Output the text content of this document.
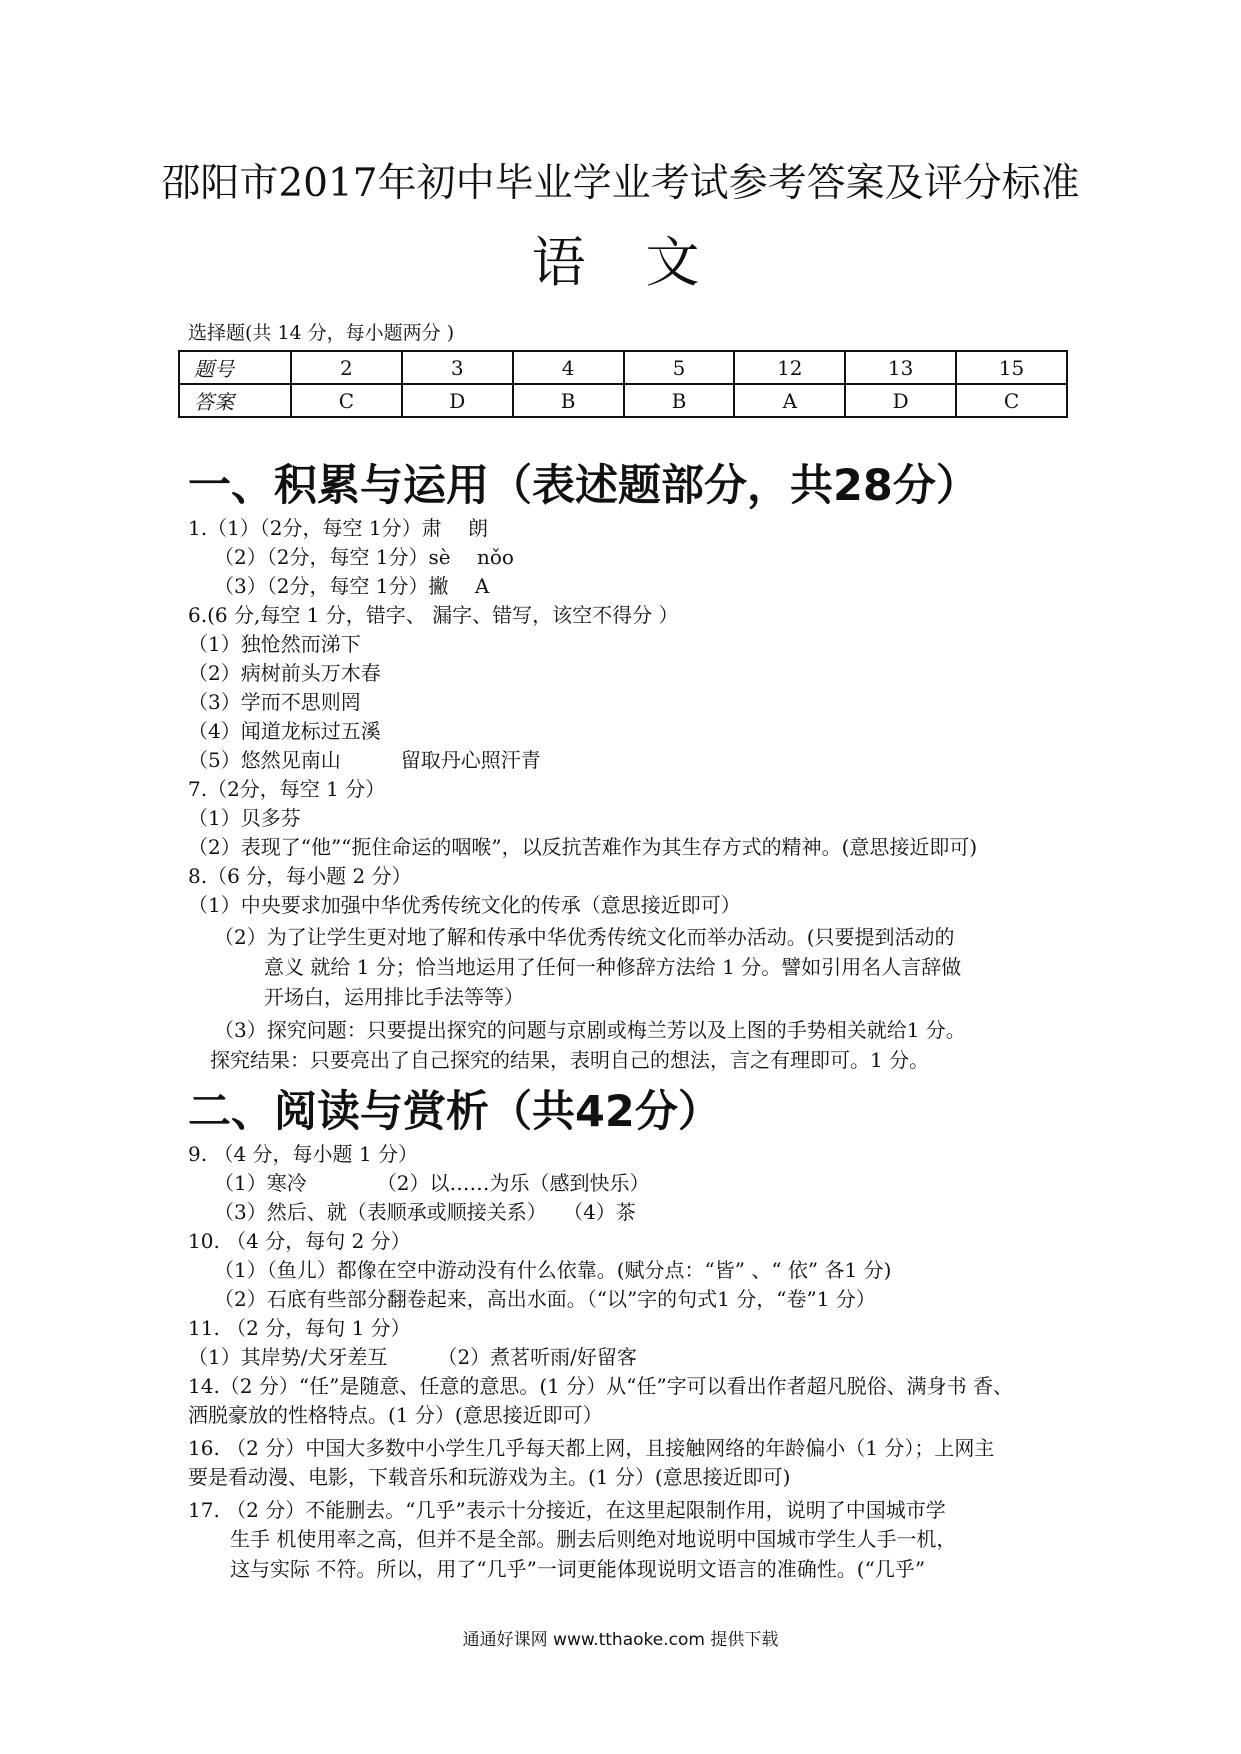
邵阳市2017年初中毕业学业考试参考答案及评分标准
语文
选择题(共 14 分，每小题两分 )
题号	2	3	4	5	12	13	15
答案	C	D	B	B	A	D	C
一、积累与运用（表述题部分，共28分）
1.（1）（2分，每空 1分）肃　 朗
（2）（2分，每空 1分）sè　 nǒo
（3）（2分，每空 1分）撇　 A
6.(6 分,每空 1 分，错字、 漏字、错写，该空不得分 ）
（1）独怆然而涕下
（2）病树前头万木春
（3）学而不思则罔
（4）闻道龙标过五溪
（5）悠然见南山　　　留取丹心照汗青
7.（2分，每空 1 分）
（1）贝多芬
（2）表现了“他”“扼住命运的咽喉”，以反抗苦难作为其生存方式的精神。(意思接近即可)
8.（6 分，每小题 2 分）
（1）中央要求加强中华优秀传统文化的传承（意思接近即可）
（2）为了让学生更对地了解和传承中华优秀传统文化而举办活动。(只要提到活动的
意义 就给 1 分；恰当地运用了任何一种修辞方法给 1 分。譬如引用名人言辞做
开场白，运用排比手法等等）
（3）探究问题：只要提出探究的问题与京剧或梅兰芳以及上图的手势相关就给1 分。
探究结果：只要亮出了自己探究的结果，表明自己的想法，言之有理即可。1 分。
二、阅读与赏析（共42分）
9. （4 分，每小题 1 分）
（1）寒冷　　　　（2）以……为乐（感到快乐）
（3）然后、就（表顺承或顺接关系）　 （4）茶
10. （4 分，每句 2 分）
（1）（鱼儿）都像在空中游动没有什么依靠。(赋分点：“皆” 、“ 依” 各1 分)
（2）石底有些部分翻卷起来，高出水面。（“以”字的句式1 分，“卷”1 分）
11. （2 分，每句 1 分）
（1）其岸势/犬牙差互　　　（2）煮茗听雨/好留客
14.（2 分）“任”是随意、任意的意思。(1 分）从“任”字可以看出作者超凡脱俗、满身书 香、
洒脱豪放的性格特点。(1 分）(意思接近即可）
16. （2 分）中国大多数中小学生几乎每天都上网，且接触网络的年龄偏小（1 分）；上网主
要是看动漫、电影，下载音乐和玩游戏为主。(1 分）(意思接近即可)
17. （2 分）不能删去。“几乎”表示十分接近，在这里起限制作用，说明了中国城市学
生手 机使用率之高，但并不是全部。删去后则绝对地说明中国城市学生人手一机，
这与实际 不符。所以，用了“几乎”一词更能体现说明文语言的准确性。(“几乎”
通通好课网 www.tthaoke.com 提供下载
